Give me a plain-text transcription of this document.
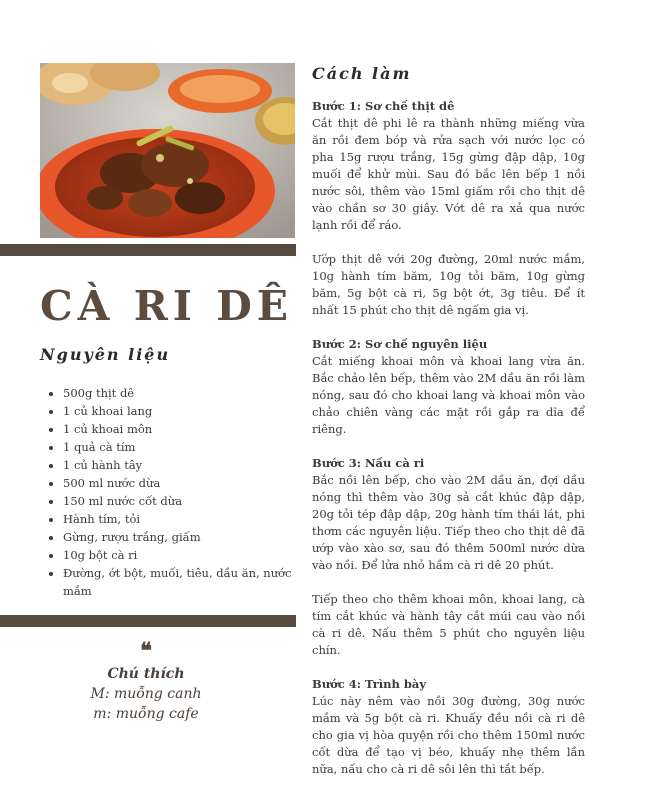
CÀ RI DÊ
Nguyên liệu
• 500g thịt dê
• 1 củ khoai lang
• 1 củ khoai môn
• 1 quả cà tím
• 1 củ hành tây
• 500 ml nước dừa
• 150 ml nước cốt dừa
• Hành tím, tỏi
• Gừng, rượu trắng, giấm
• 10g bột cà ri
• Đường, ớt bột, muối, tiêu, dầu ăn, nước mắm
❝
Chú thích
M: muỗng canh
m: muỗng cafe
Cách làm
Bước 1: Sơ chế thịt dê

Cắt thịt dê phi lê ra thành những miếng vừa ăn rồi đem bóp và rửa sạch với nước lọc có pha 15g rượu trắng, 15g gừng đập dập, 10g muối để khử mùi. Sau đó bắc lên bếp 1 nồi nước sôi, thêm vào 15ml giấm rồi cho thịt dê vào chần sơ 30 giây. Vớt dê ra xả qua nước lạnh rồi để ráo.

Ướp thịt dê với 20g đường, 20ml nước mắm, 10g hành tím băm, 10g tỏi băm, 10g gừng băm, 5g bột cà ri, 5g bột ớt, 3g tiêu. Để ít nhất 15 phút cho thịt dê ngấm gia vị.

Bước 2: Sơ chế nguyên liệu

Cắt miếng khoai môn và khoai lang vừa ăn. Bắc chảo lên bếp, thêm vào 2M dầu ăn rồi làm nóng, sau đó cho khoai lang và khoai môn vào chảo chiên vàng các mặt rồi gắp ra dĩa để riêng.

Bước 3: Nấu cà ri

Bắc nồi lên bếp, cho vào 2M dầu ăn, đợi dầu nóng thì thêm vào 30g sả cắt khúc đập dập, 20g tỏi tép đập dập, 20g hành tím thái lát, phi thơm các nguyên liệu. Tiếp theo cho thịt dê đã ướp vào xào sơ, sau đó thêm 500ml nước dừa vào nồi. Để lửa nhỏ hầm cà ri dê 20 phút.

Tiếp theo cho thêm khoai môn, khoai lang, cà tím cắt khúc và hành tây cắt múi cau vào nồi cà ri dê. Nấu thêm 5 phút cho nguyên liệu chín.

Bước 4: Trình bày

Lúc này nêm vào nồi 30g đường, 30g nước mắm và 5g bột cà ri. Khuấy đều nồi cà ri dê cho gia vị hòa quyện rồi cho thêm 150ml nước cốt dừa để tạo vị béo, khuấy nhẹ thêm lần nữa, nấu cho cà ri dê sôi lên thì tắt bếp.
